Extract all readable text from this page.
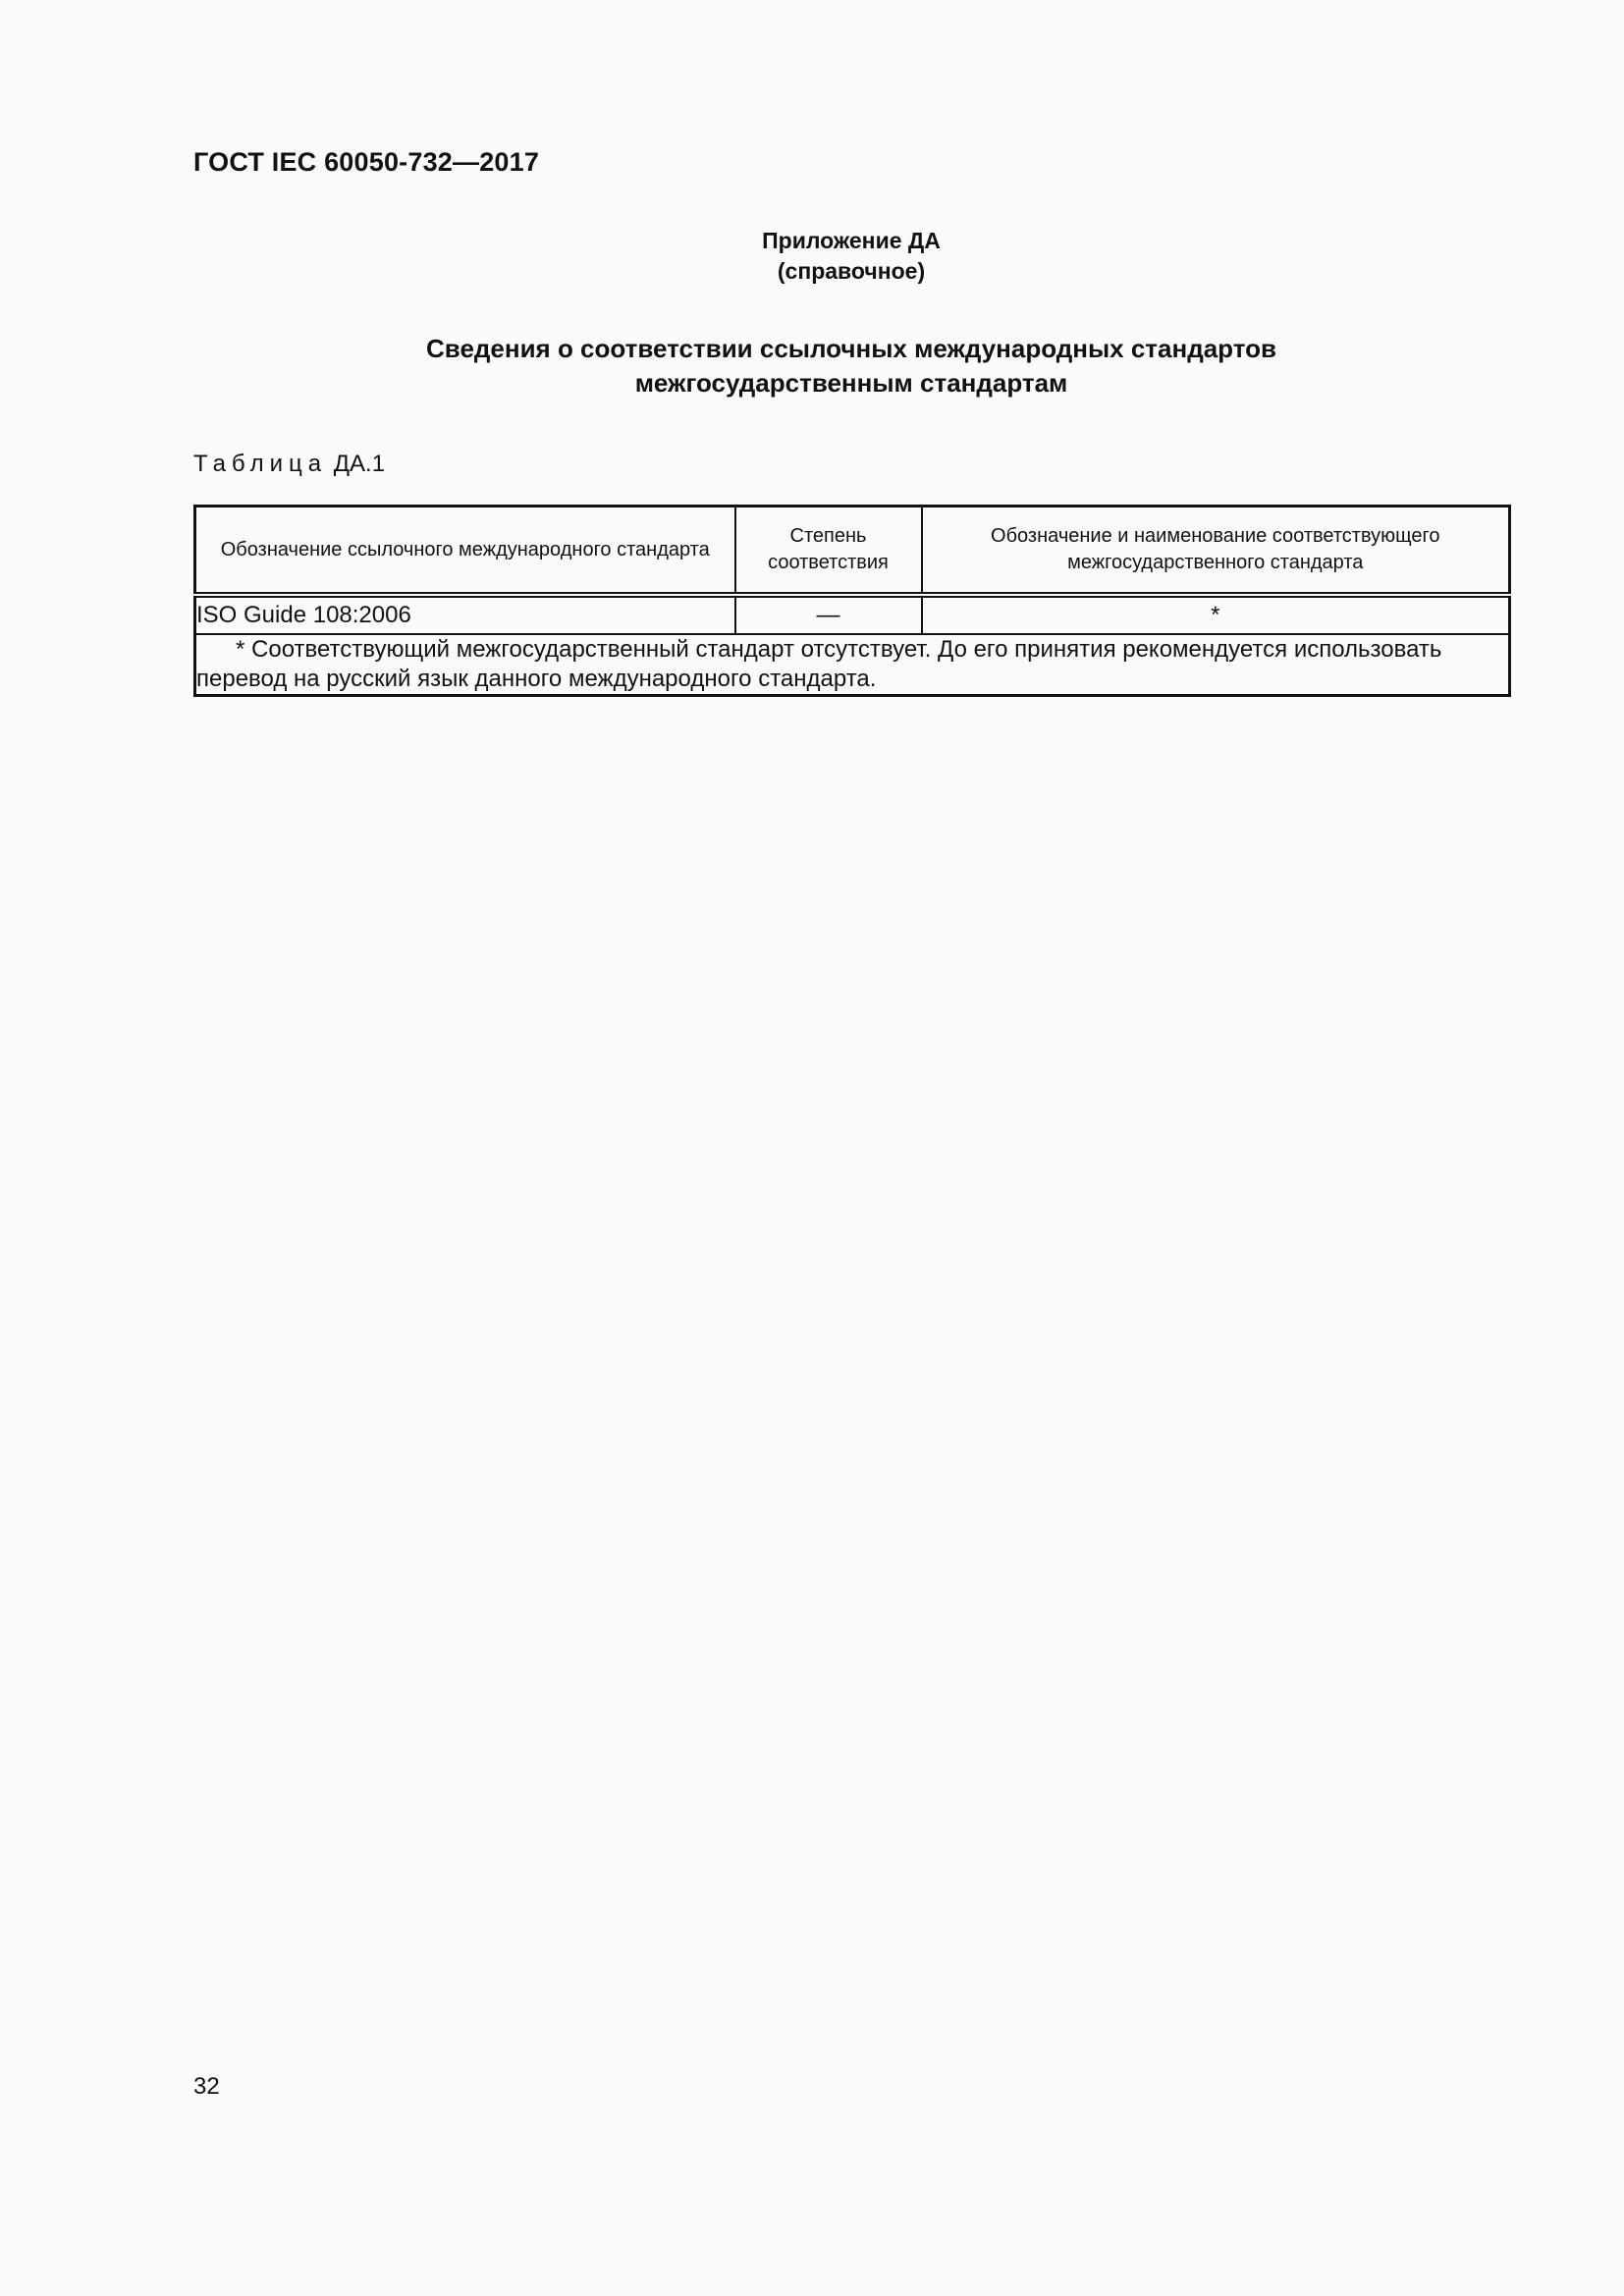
ГОСТ IEC 60050-732—2017
Приложение ДА
(справочное)
Сведения о соответствии ссылочных международных стандартов
межгосударственным стандартам
Таблица ДА.1
Обозначение ссылочного международного стандарта	Степень соответствия	Обозначение и наименование соответствующего межгосударственного стандарта
ISO Guide 108:2006	—	*
* Соответствующий межгосударственный стандарт отсутствует. До его принятия рекомендуется использовать перевод на русский язык данного международного стандарта.		
32
